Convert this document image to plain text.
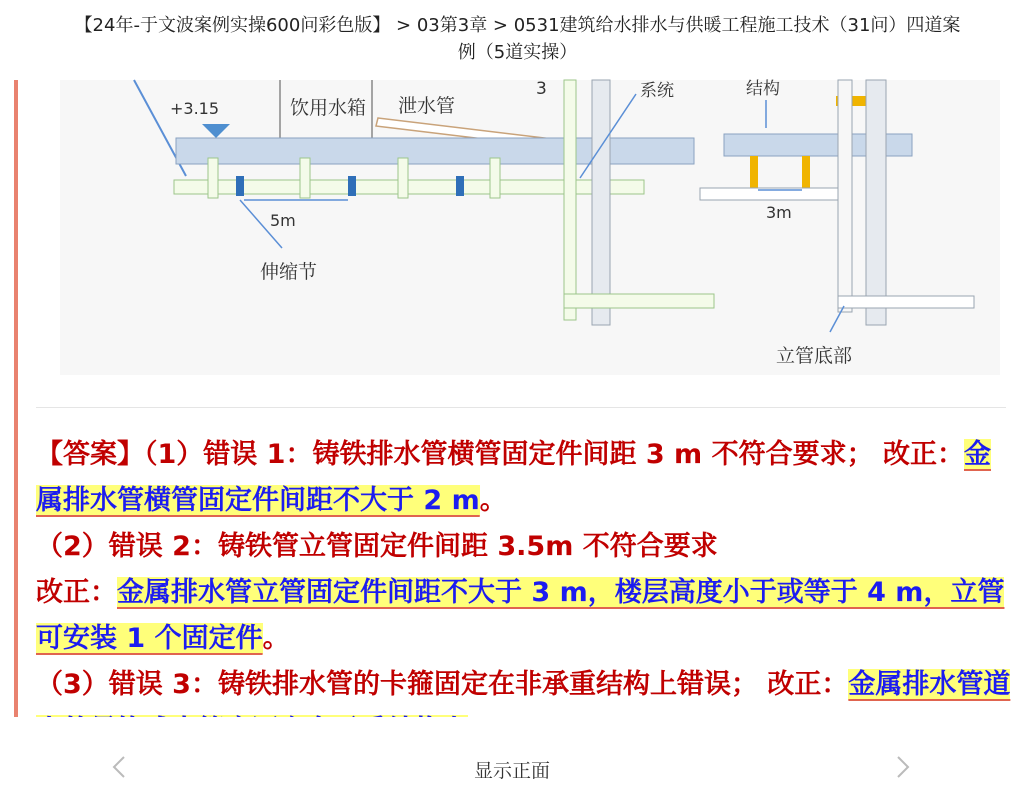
【24年-于文波案例实操600问彩色版】 > 03第3章 > 0531建筑给水排水与供暖工程施工技术（31问）四道案
例（5道实操）
+3.15	饮用水箱 泄水管
5m
伸缩节
3	系统	结构
3m
立管底部
【答案】（1）错误 1：铸铁排水管横管固定件间距 3 m 不符合要求； 改正：金属排水管横管固定件间距不大于 2 m。
（2）错误 2：铸铁管立管固定件间距 3.5m 不符合要求
改正：金属排水管立管固定件间距不大于 3 m，楼层高度小于或等于 4 m，立管可安装 1 个固定件。
（3）错误 3：铸铁排水管的卡箍固定在非承重结构上错误； 改正：金属排水管道
显示正面
